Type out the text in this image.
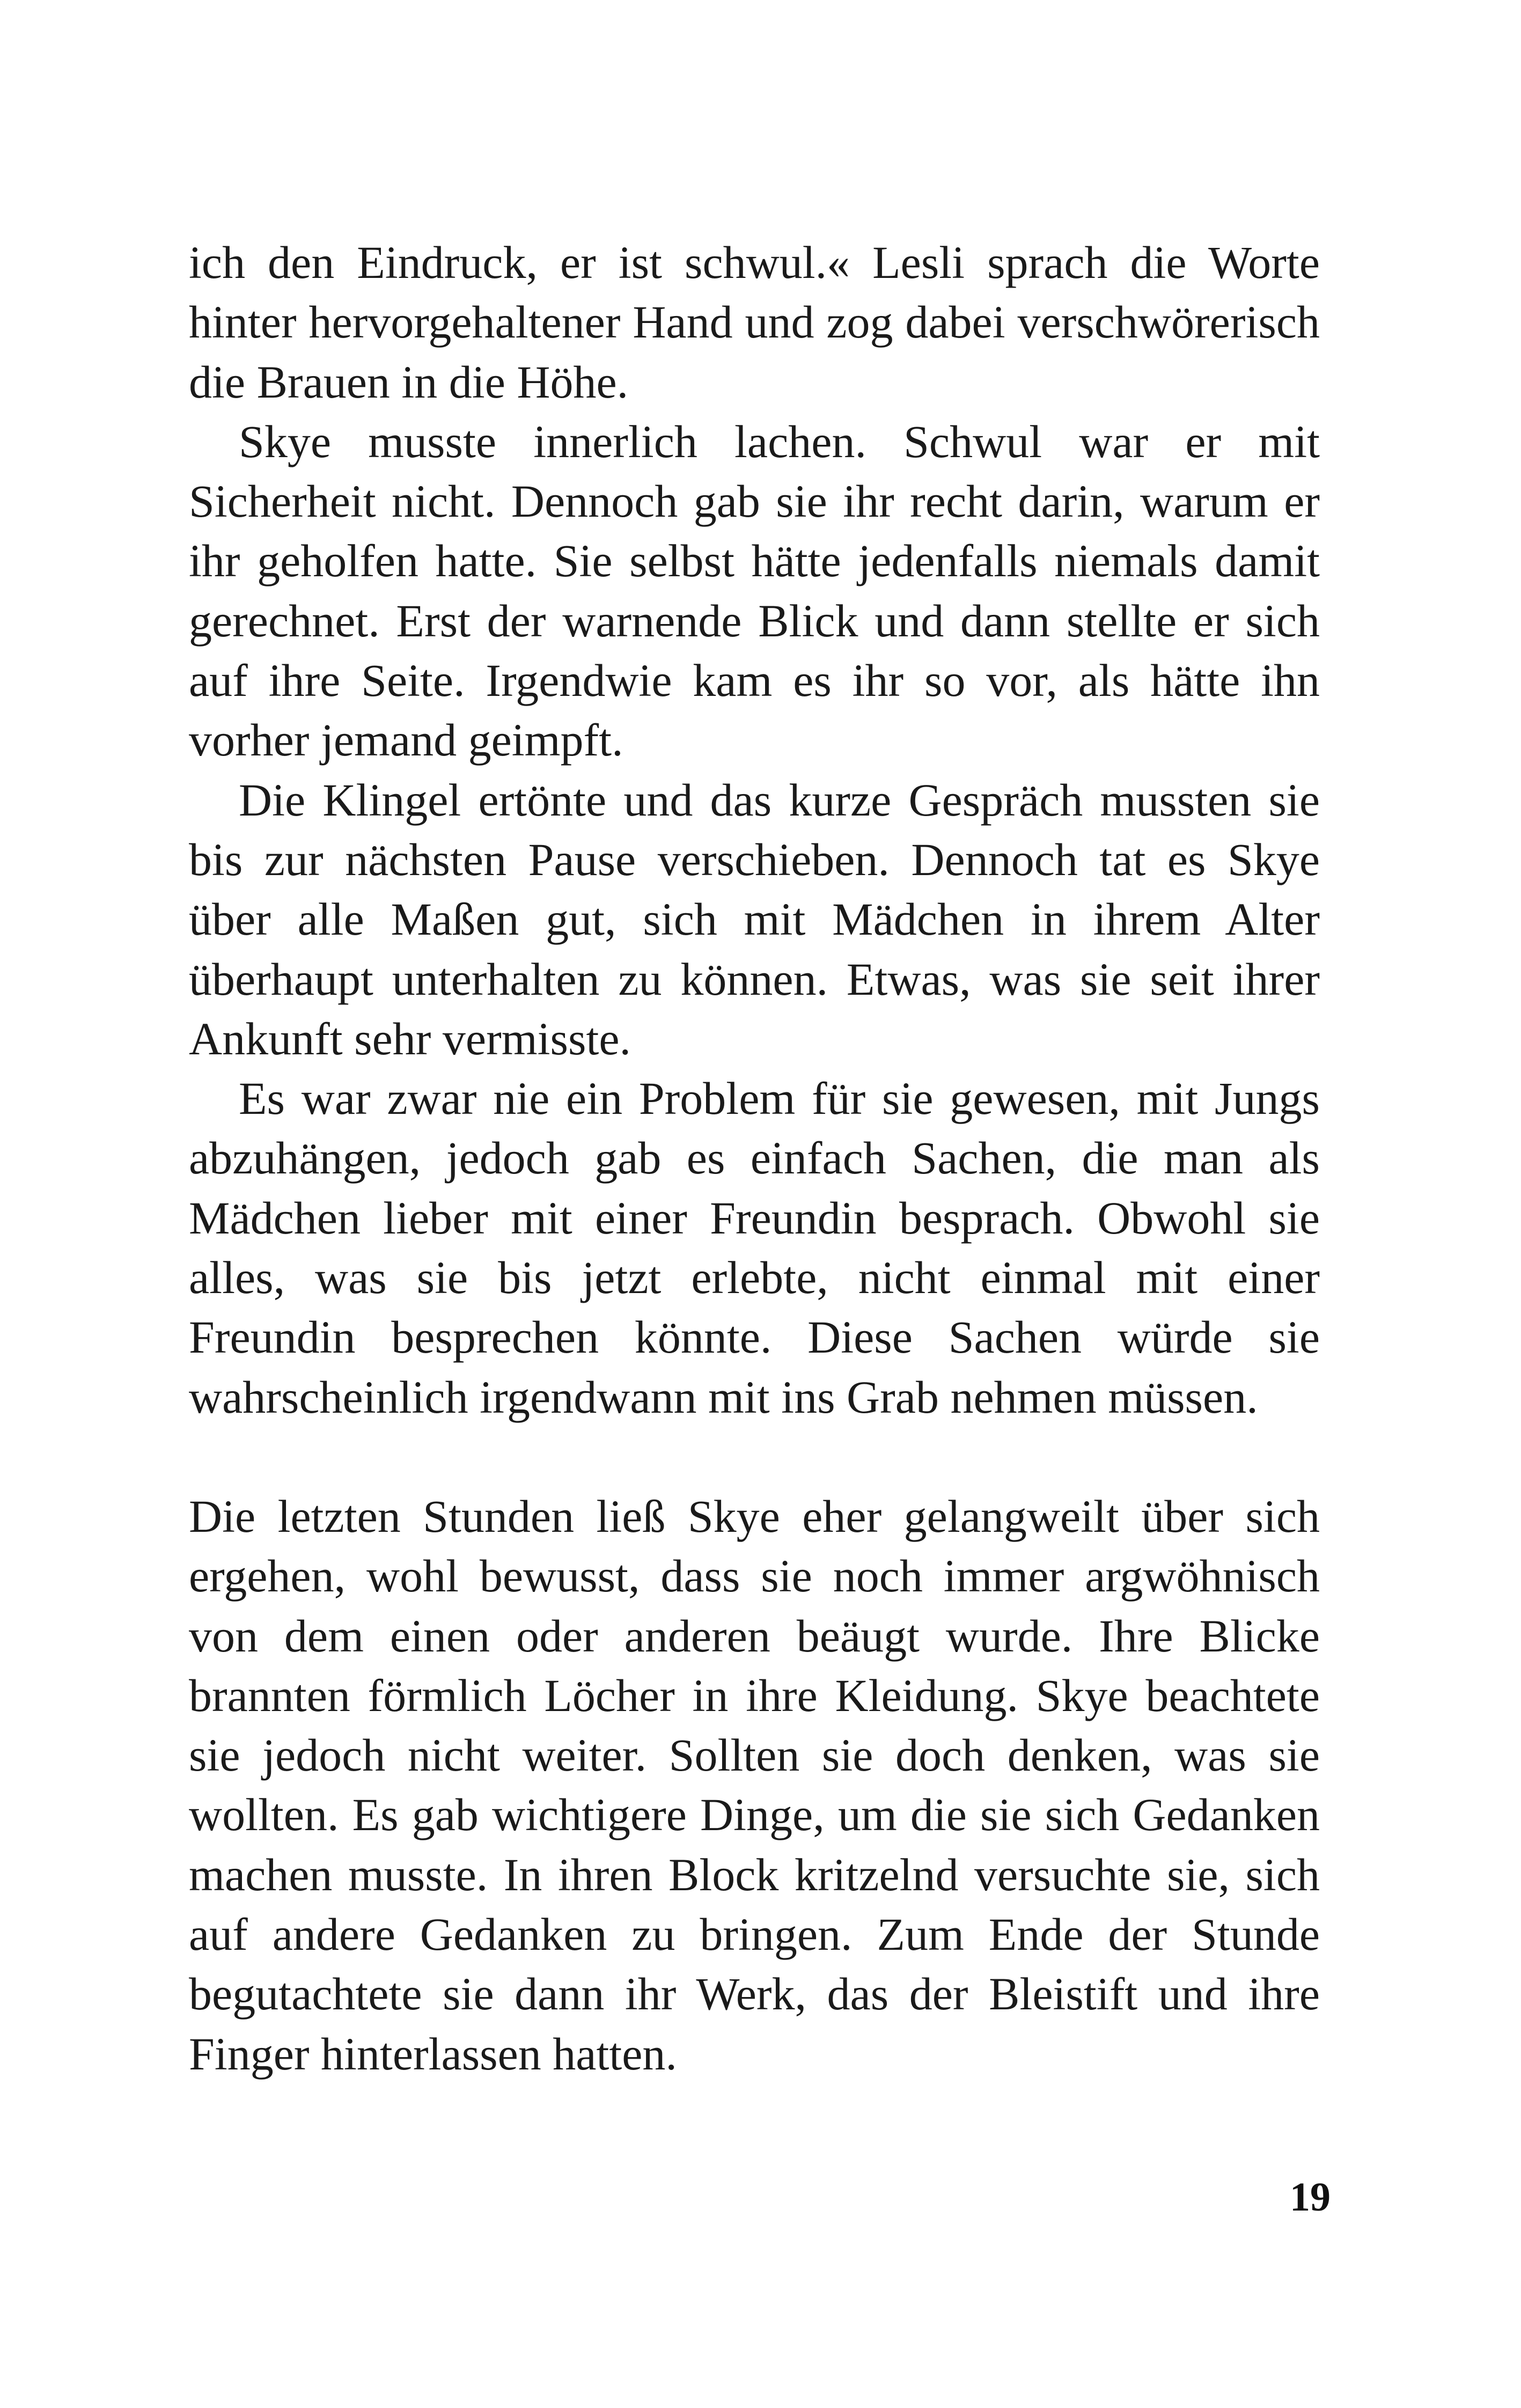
ich den Eindruck, er ist schwul.« Lesli sprach die Worte hinter hervorgehaltener Hand und zog dabei verschwörerisch die Brauen in die Höhe.

Skye musste innerlich lachen. Schwul war er mit Sicherheit nicht. Dennoch gab sie ihr recht darin, warum er ihr geholfen hatte. Sie selbst hätte jedenfalls niemals damit gerechnet. Erst der warnende Blick und dann stellte er sich auf ihre Seite. Irgendwie kam es ihr so vor, als hätte ihn vorher jemand geimpft.

Die Klingel ertönte und das kurze Gespräch mussten sie bis zur nächsten Pause verschieben. Dennoch tat es Skye über alle Maßen gut, sich mit Mädchen in ihrem Alter überhaupt unterhalten zu können. Etwas, was sie seit ihrer Ankunft sehr vermisste.

Es war zwar nie ein Problem für sie gewesen, mit Jungs abzuhängen, jedoch gab es einfach Sachen, die man als Mädchen lieber mit einer Freundin besprach. Obwohl sie alles, was sie bis jetzt erlebte, nicht einmal mit einer Freundin besprechen könnte. Diese Sachen würde sie wahrscheinlich irgendwann mit ins Grab nehmen müssen.

Die letzten Stunden ließ Skye eher gelangweilt über sich ergehen, wohl bewusst, dass sie noch immer argwöhnisch von dem einen oder anderen beäugt wurde. Ihre Blicke brannten förmlich Löcher in ihre Kleidung. Skye beachtete sie jedoch nicht weiter. Sollten sie doch denken, was sie wollten. Es gab wichtigere Dinge, um die sie sich Gedanken machen musste. In ihren Block kritzelnd versuchte sie, sich auf andere Gedanken zu bringen. Zum Ende der Stunde begutachtete sie dann ihr Werk, das der Bleistift und ihre Finger hinterlassen hatten.

19
